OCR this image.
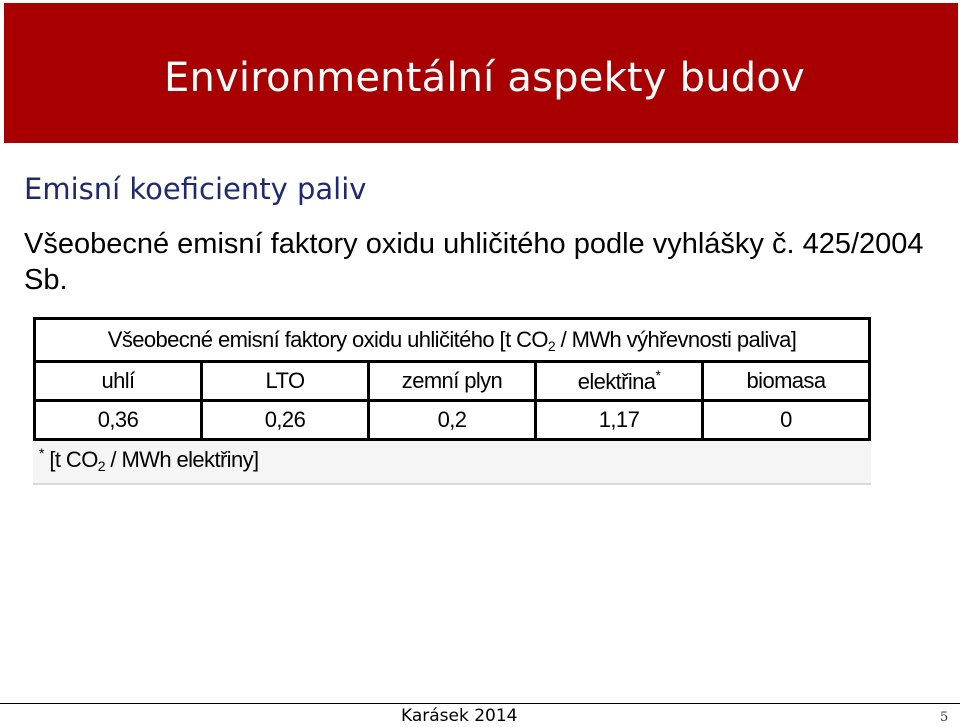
Environmentální aspekty budov
Emisní koeficienty paliv
Všeobecné emisní faktory oxidu uhličitého podle vyhlášky č. 425/2004 Sb.
Všeobecné emisní faktory oxidu uhličitého [t $CO_2$ / MWh výhřevnosti paliva]				
uhlí	LTO	zemní plyn	elektřina*	biomasa
0,36	0,26	0,2	1,17	0
* [t $CO_2$ / MWh elektřiny]
Karásek 2014	5
